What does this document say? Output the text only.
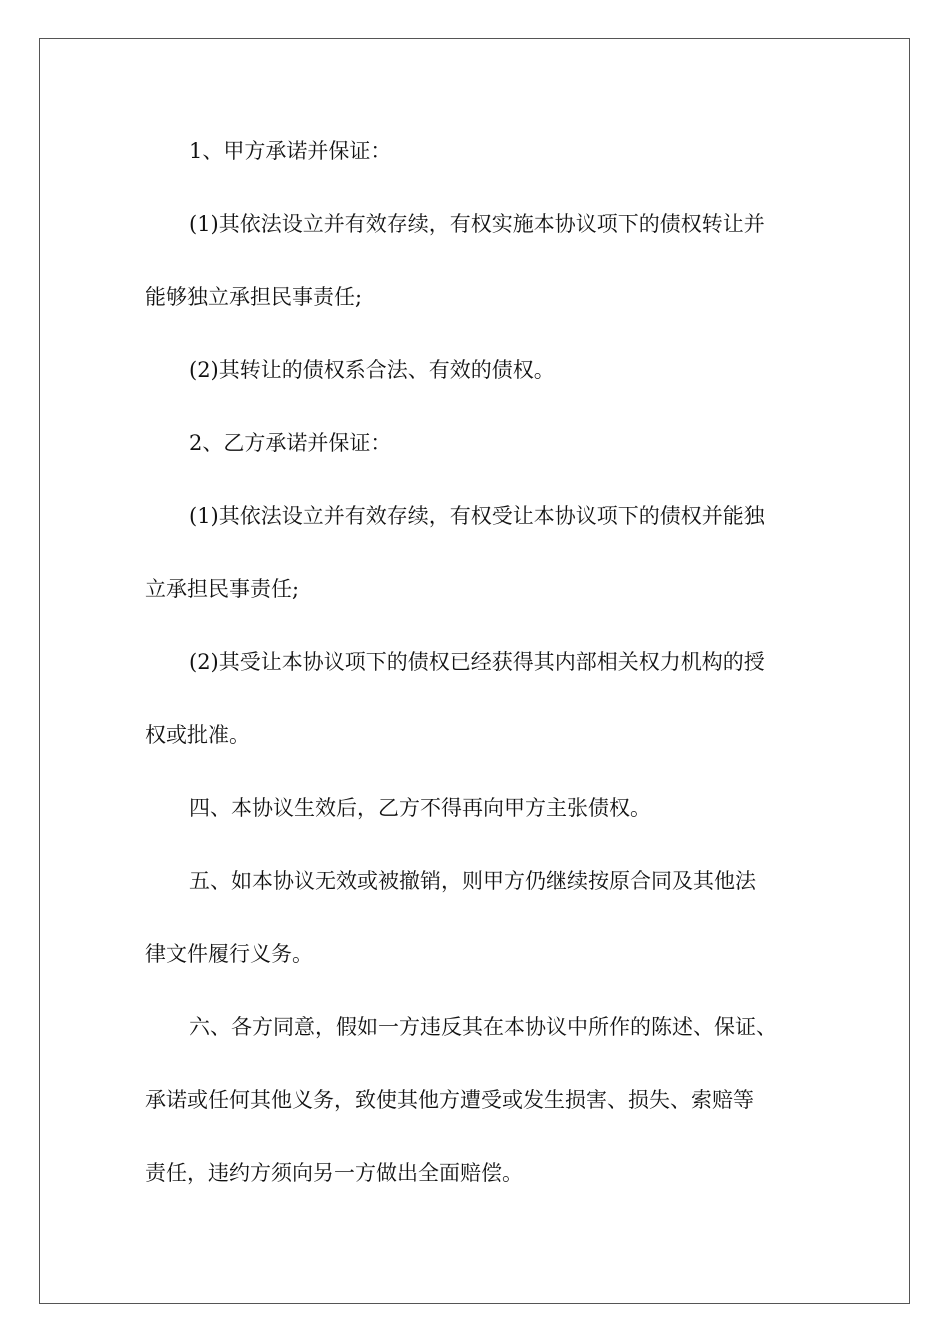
1、甲方承诺并保证：

(1)其依法设立并有效存续，有权实施本协议项下的债权转让并
能够独立承担民事责任;

(2)其转让的债权系合法、有效的债权。

2、乙方承诺并保证：

(1)其依法设立并有效存续，有权受让本协议项下的债权并能独
立承担民事责任;

(2)其受让本协议项下的债权已经获得其内部相关权力机构的授
权或批准。

四、本协议生效后，乙方不得再向甲方主张债权。

五、如本协议无效或被撤销，则甲方仍继续按原合同及其他法
律文件履行义务。

六、各方同意，假如一方违反其在本协议中所作的陈述、保证、
承诺或任何其他义务，致使其他方遭受或发生损害、损失、索赔等
责任，违约方须向另一方做出全面赔偿。
